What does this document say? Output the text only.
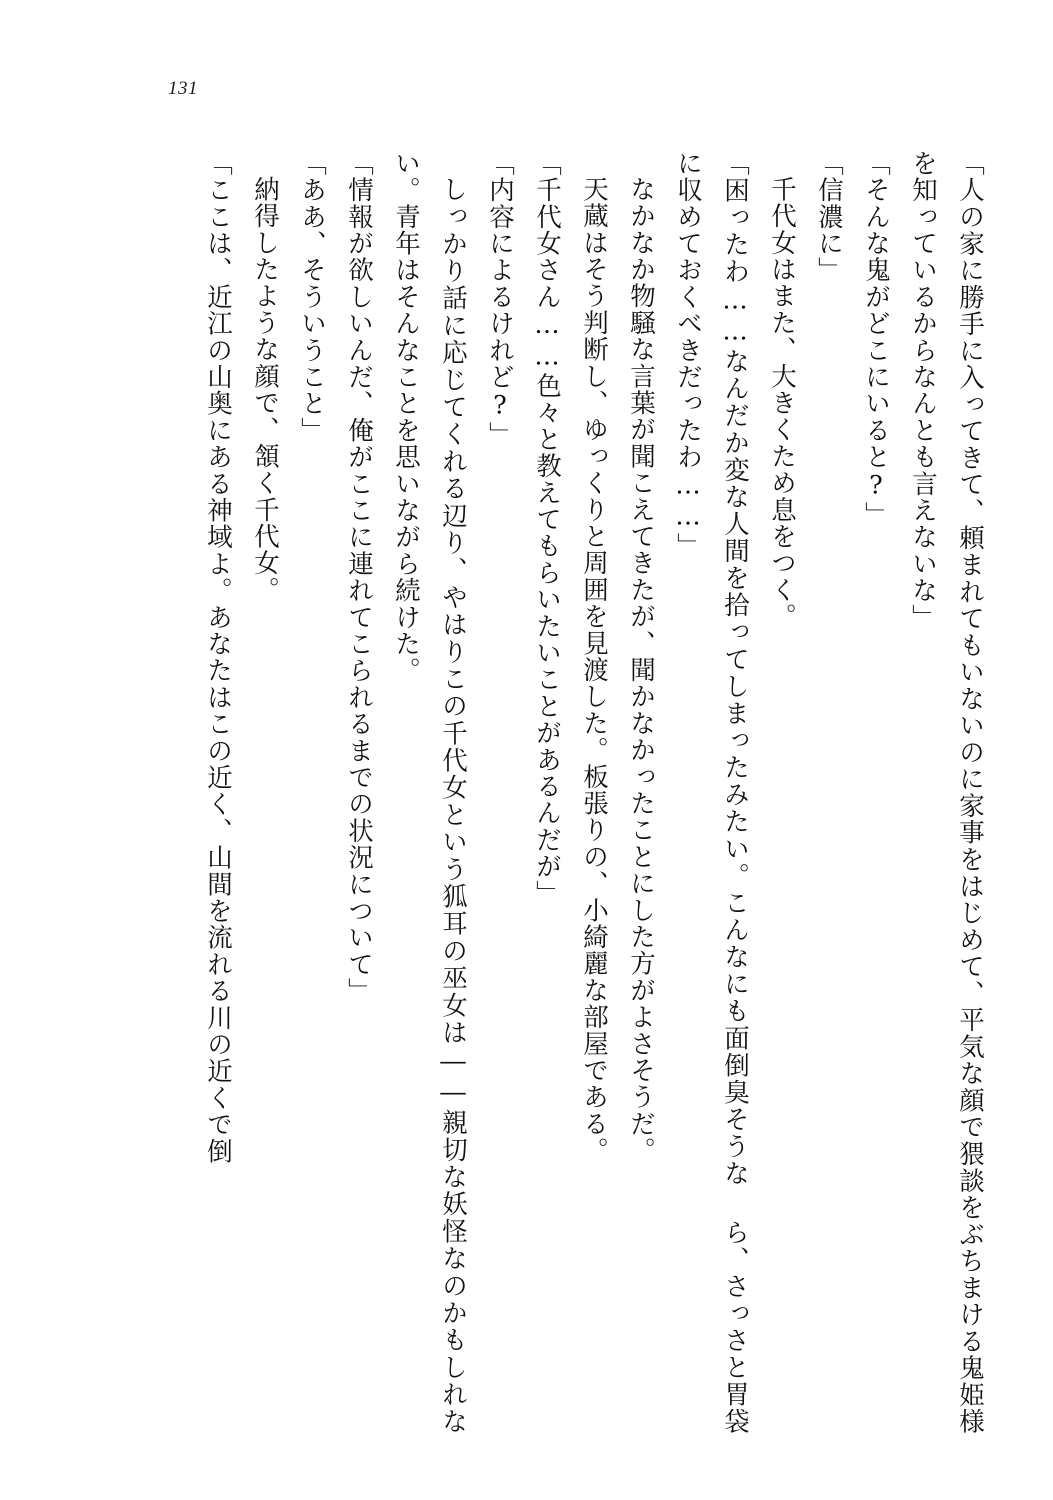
131

「人の家に勝手に入ってきて、頼まれてもいないのに家事をはじめて、平気な顔で猥談をぶちまける鬼姫様を知っているからなんとも言えないな」

「そんな鬼がどこにいると?」

「信濃に」

千代女はまた、大きくため息をつく。

「困ったわ……なんだか変な人間を拾ってしまったみたい。こんなにも面倒臭そうな ら、さっさと胃袋に収めておくべきだったわ……」

なかなか物騒な言葉が聞こえてきたが、聞かなかったことにした方がよさそうだ。

天蔵はそう判断し、ゆっくりと周囲を見渡した。板張りの、小綺麗な部屋である。

「千代女さん……色々と教えてもらいたいことがあるんだが」

「内容によるけれど?」

しっかり話に応じてくれる辺り、やはりこの千代女という狐耳の巫女は――親切な妖怪なのかもしれない。青年はそんなことを思いながら続けた。

「情報が欲しいんだ、俺がここに連れてこられるまでの状況について」

「ああ、そういうこと」

納得したような顔で、頷く千代女。

「ここは、近江の山奥にある神域よ。あなたはこの近く、山間を流れる川の近くで倒
